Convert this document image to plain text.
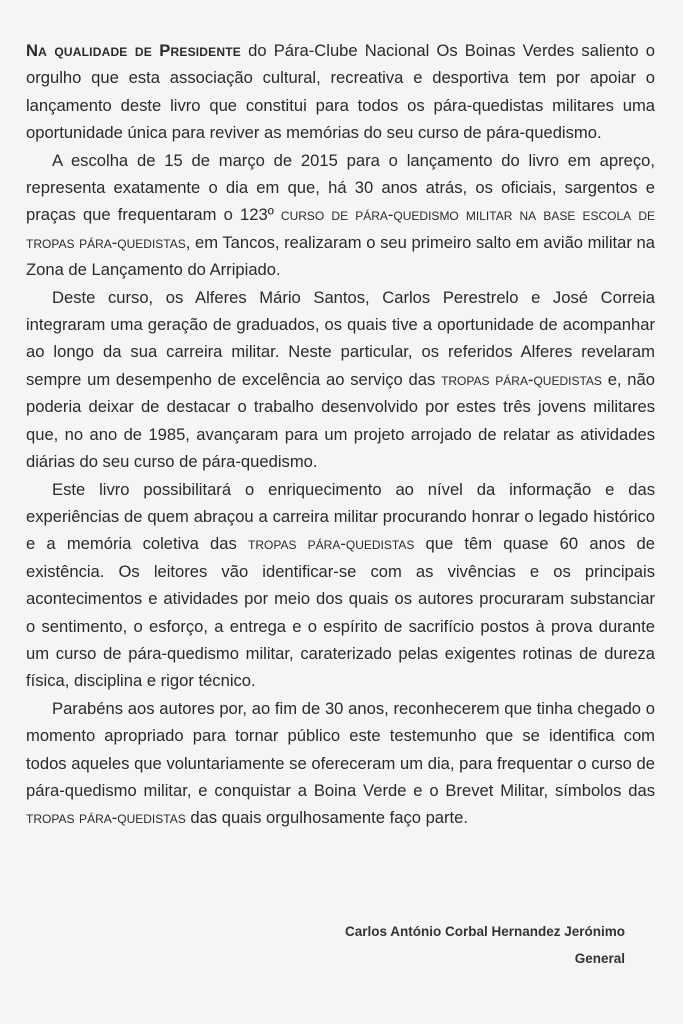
Na qualidade de Presidente do Pára-Clube Nacional Os Boinas Verdes saliento o orgulho que esta associação cultural, recreativa e desportiva tem por apoiar o lançamento deste livro que constitui para todos os pára-quedistas militares uma oportunidade única para reviver as memórias do seu curso de pára-quedismo.

A escolha de 15 de março de 2015 para o lançamento do livro em apreço, representa exatamente o dia em que, há 30 anos atrás, os oficiais, sargentos e praças que frequentaram o 123º curso de pára-quedismo militar na base escola de tropas pára-quedistas, em Tancos, realizaram o seu primeiro salto em avião militar na Zona de Lançamento do Arripiado.

Deste curso, os Alferes Mário Santos, Carlos Perestrelo e José Correia integraram uma geração de graduados, os quais tive a oportunidade de acompanhar ao longo da sua carreira militar. Neste particular, os referidos Alferes revelaram sempre um desempenho de excelência ao serviço das tropas pára-quedistas e, não poderia deixar de destacar o trabalho desenvolvido por estes três jovens militares que, no ano de 1985, avançaram para um projeto arrojado de relatar as atividades diárias do seu curso de pára-quedismo.

Este livro possibilitará o enriquecimento ao nível da informação e das experiências de quem abraçou a carreira militar procurando honrar o legado histórico e a memória coletiva das tropas pára-quedistas que têm quase 60 anos de existência. Os leitores vão identificar-se com as vivências e os principais acontecimentos e atividades por meio dos quais os autores procuraram substanciar o sentimento, o esforço, a entrega e o espírito de sacrifício postos à prova durante um curso de pára-quedismo militar, caraterizado pelas exigentes rotinas de dureza física, disciplina e rigor técnico.

Parabéns aos autores por, ao fim de 30 anos, reconhecerem que tinha chegado o momento apropriado para tornar público este testemunho que se identifica com todos aqueles que voluntariamente se ofereceram um dia, para frequentar o curso de pára-quedismo militar, e conquistar a Boina Verde e o Brevet Militar, símbolos das tropas pára-quedistas das quais orgulhosamente faço parte.

Carlos António Corbal Hernandez Jerónimo
General
